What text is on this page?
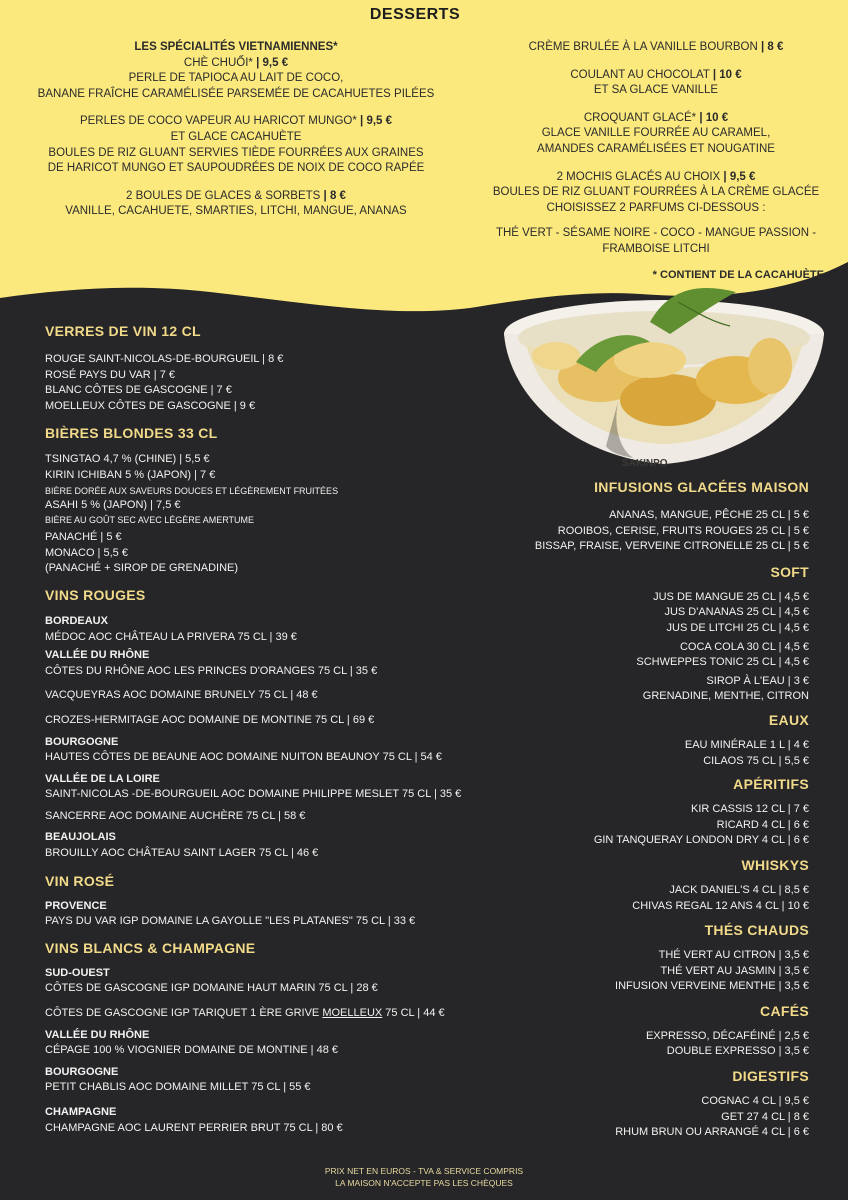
DESSERTS

LES SPÉCIALITÉS VIETNAMIENNES*

CHÈ CHUỐI* | 9,5 €

PERLE DE TAPIOCA AU LAIT DE COCO,

BANANE FRAÎCHE CARAMÉLISÉE PARSEMÉE DE CACAHUETES PILÉES

PERLES DE COCO VAPEUR AU HARICOT MUNGO* | 9,5 €

ET GLACE CACAHUÈTE

BOULES DE RIZ GLUANT SERVIES TIÈDE FOURRÉES AUX GRAINES

DE HARICOT MUNGO ET SAUPOUDRÉES DE NOIX DE COCO RAPÉE

2 BOULES DE GLACES & SORBETS | 8 €

VANILLE, CACAHUETE, SMARTIES, LITCHI, MANGUE, ANANAS

CRÈME BRULÉE À LA VANILLE BOURBON | 8 €

COULANT AU CHOCOLAT | 10 €

ET SA GLACE VANILLE

CROQUANT GLACÉ* | 10 €

GLACE VANILLE FOURRÉE AU CARAMEL,

AMANDES CARAMÉLISÉES ET NOUGATINE

2 MOCHIS GLACÉS AU CHOIX | 9,5 €

BOULES DE RIZ GLUANT FOURRÉES À LA CRÈME GLACÉE

CHOISISSEZ 2 PARFUMS CI-DESSOUS :

THÉ VERT - SÉSAME NOIRE - COCO - MANGUE PASSION -

FRAMBOISE LITCHI

* CONTIENT DE LA CACAHUÈTE

SAKINPO

VERRES DE VIN 12 CL

ROUGE SAINT-NICOLAS-DE-BOURGUEIL | 8 €

ROSÉ PAYS DU VAR | 7 €

BLANC CÔTES DE GASCOGNE | 7 €

MOELLEUX CÔTES DE GASCOGNE | 9 €

BIÈRES BLONDES 33 CL

TSINGTAO 4,7 % (CHINE) | 5,5 €

KIRIN ICHIBAN 5 % (JAPON) | 7 €

BIÈRE DORÉE AUX SAVEURS DOUCES ET LÉGÈREMENT FRUITÉES

ASAHI 5 % (JAPON) | 7,5 €

BIÈRE AU GOÛT SEC AVEC LÉGÈRE AMERTUME

PANACHÉ | 5 €

MONACO | 5,5 €

(PANACHÉ + SIROP DE GRENADINE)

VINS ROUGES

BORDEAUX

MÉDOC AOC CHÂTEAU LA PRIVERA 75 CL | 39 €

VALLÉE DU RHÔNE

CÔTES DU RHÔNE AOC LES PRINCES D'ORANGES 75 CL | 35 €

VACQUEYRAS AOC DOMAINE BRUNELY 75 CL | 48 €

CROZES-HERMITAGE AOC DOMAINE DE MONTINE 75 CL | 69 €

BOURGOGNE

HAUTES CÔTES DE BEAUNE AOC DOMAINE NUITON BEAUNOY 75 CL | 54 €

VALLÉE DE LA LOIRE

SAINT-NICOLAS -DE-BOURGUEIL AOC DOMAINE PHILIPPE MESLET 75 CL | 35 €

SANCERRE AOC DOMAINE AUCHÈRE 75 CL | 58 €

BEAUJOLAIS

BROUILLY AOC CHÂTEAU SAINT LAGER 75 CL | 46 €

VIN ROSÉ

PROVENCE

PAYS DU VAR IGP DOMAINE LA GAYOLLE "LES PLATANES" 75 CL | 33 €

VINS BLANCS & CHAMPAGNE

SUD-OUEST

CÔTES DE GASCOGNE IGP DOMAINE HAUT MARIN 75 CL | 28 €

CÔTES DE GASCOGNE IGP TARIQUET 1 ÈRE GRIVE MOELLEUX 75 CL | 44 €

VALLÉE DU RHÔNE

CÉPAGE 100 % VIOGNIER DOMAINE DE MONTINE | 48 €

BOURGOGNE

PETIT CHABLIS AOC DOMAINE MILLET 75 CL | 55 €

CHAMPAGNE

CHAMPAGNE AOC LAURENT PERRIER BRUT 75 CL | 80 €

INFUSIONS GLACÉES MAISON

ANANAS, MANGUE, PÊCHE 25 CL | 5 €

ROOIBOS, CERISE, FRUITS ROUGES 25 CL | 5 €

BISSAP, FRAISE, VERVEINE CITRONELLE 25 CL | 5 €

SOFT

JUS DE MANGUE 25 CL | 4,5 €

JUS D'ANANAS 25 CL | 4,5 €

JUS DE LITCHI 25 CL | 4,5 €

COCA COLA 30 CL | 4,5 €

SCHWEPPES TONIC 25 CL | 4,5 €

SIROP À L'EAU | 3 €

GRENADINE, MENTHE, CITRON

EAUX

EAU MINÉRALE 1 L | 4 €

CILAOS 75 CL | 5,5 €

APÉRITIFS

KIR CASSIS 12 CL | 7 €

RICARD 4 CL | 6 €

GIN TANQUERAY LONDON DRY 4 CL | 6 €

WHISKYS

JACK DANIEL'S 4 CL | 8,5 €

CHIVAS REGAL 12 ANS 4 CL | 10 €

THÉS CHAUDS

THÉ VERT AU CITRON | 3,5 €

THÉ VERT AU JASMIN | 3,5 €

INFUSION VERVEINE MENTHE | 3,5 €

CAFÉS

EXPRESSO, DÉCAFÉINÉ | 2,5 €

DOUBLE EXPRESSO | 3,5 €

DIGESTIFS

COGNAC 4 CL | 9,5 €

GET 27 4 CL | 8 €

RHUM BRUN OU ARRANGÉ 4 CL | 6 €

PRIX NET EN EUROS - TVA & SERVICE COMPRIS
LA MAISON N'ACCEPTE PAS LES CHÈQUES
